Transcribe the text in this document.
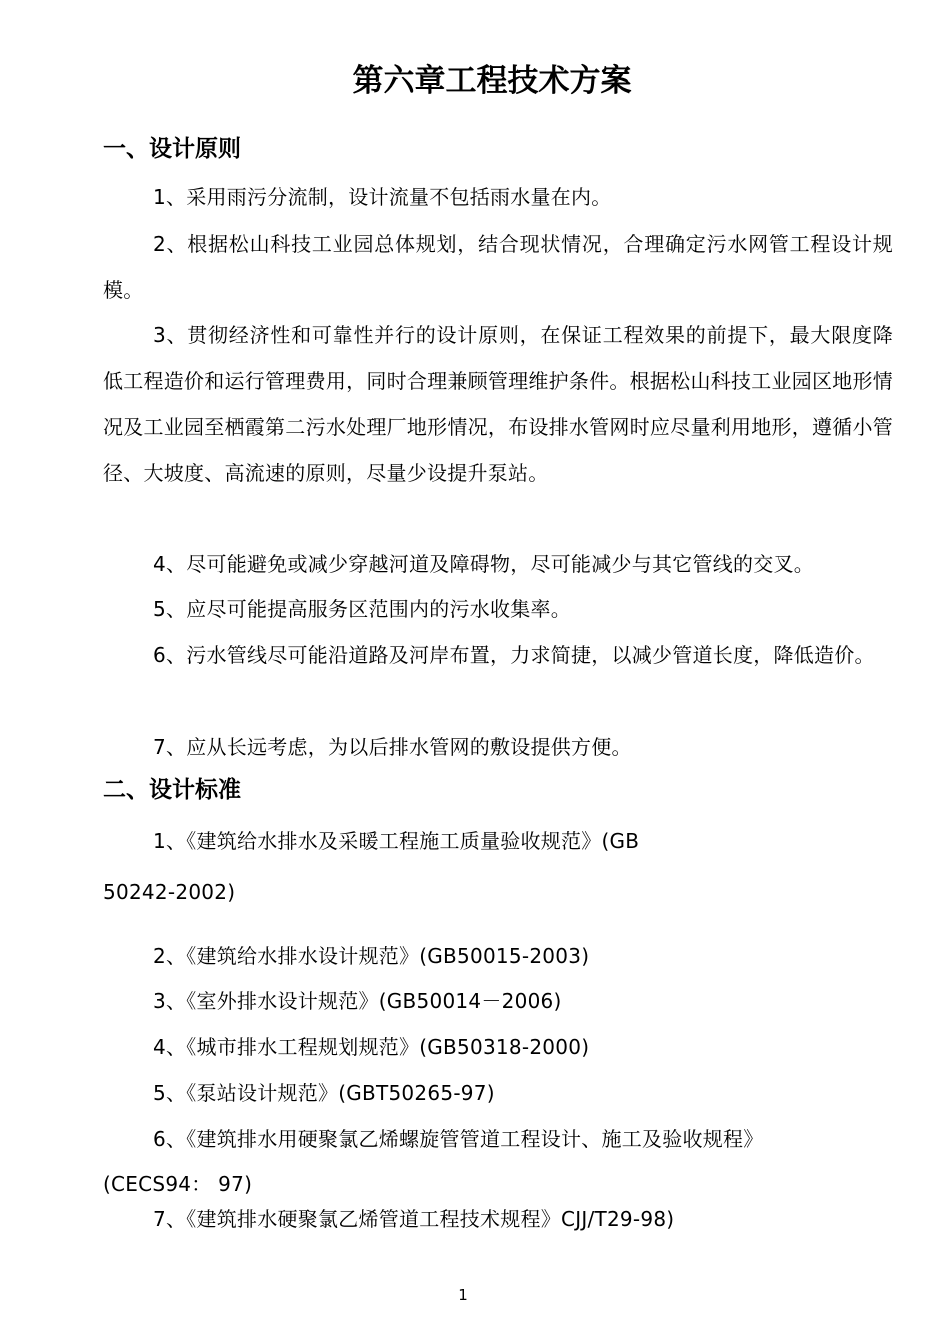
第六章工程技术方案
一、设计原则

1、采用雨污分流制，设计流量不包括雨水量在内。

2、根据松山科技工业园总体规划，结合现状情况，合理确定污水网管工程设计规模。

3、贯彻经济性和可靠性并行的设计原则，在保证工程效果的前提下，最大限度降低工程造价和运行管理费用，同时合理兼顾管理维护条件。根据松山科技工业园区地形情况及工业园至栖霞第二污水处理厂地形情况，布设排水管网时应尽量利用地形，遵循小管径、大坡度、高流速的原则，尽量少设提升泵站。

4、尽可能避免或减少穿越河道及障碍物，尽可能减少与其它管线的交叉。

5、应尽可能提高服务区范围内的污水收集率。

6、污水管线尽可能沿道路及河岸布置，力求简捷，以减少管道长度，降低造价。

7、应从长远考虑，为以后排水管网的敷设提供方便。

二、设计标准

1、《建筑给水排水及采暖工程施工质量验收规范》(GB

50242-2002)

2、《建筑给水排水设计规范》(GB50015-2003)

3、《室外排水设计规范》(GB50014－2006)

4、《城市排水工程规划规范》(GB50318-2000)

5、《泵站设计规范》(GBT50265-97)

6、《建筑排水用硬聚氯乙烯螺旋管管道工程设计、施工及验收规程》

(CECS94： 97)

7、《建筑排水硬聚氯乙烯管道工程技术规程》CJJ/T29-98)

1
